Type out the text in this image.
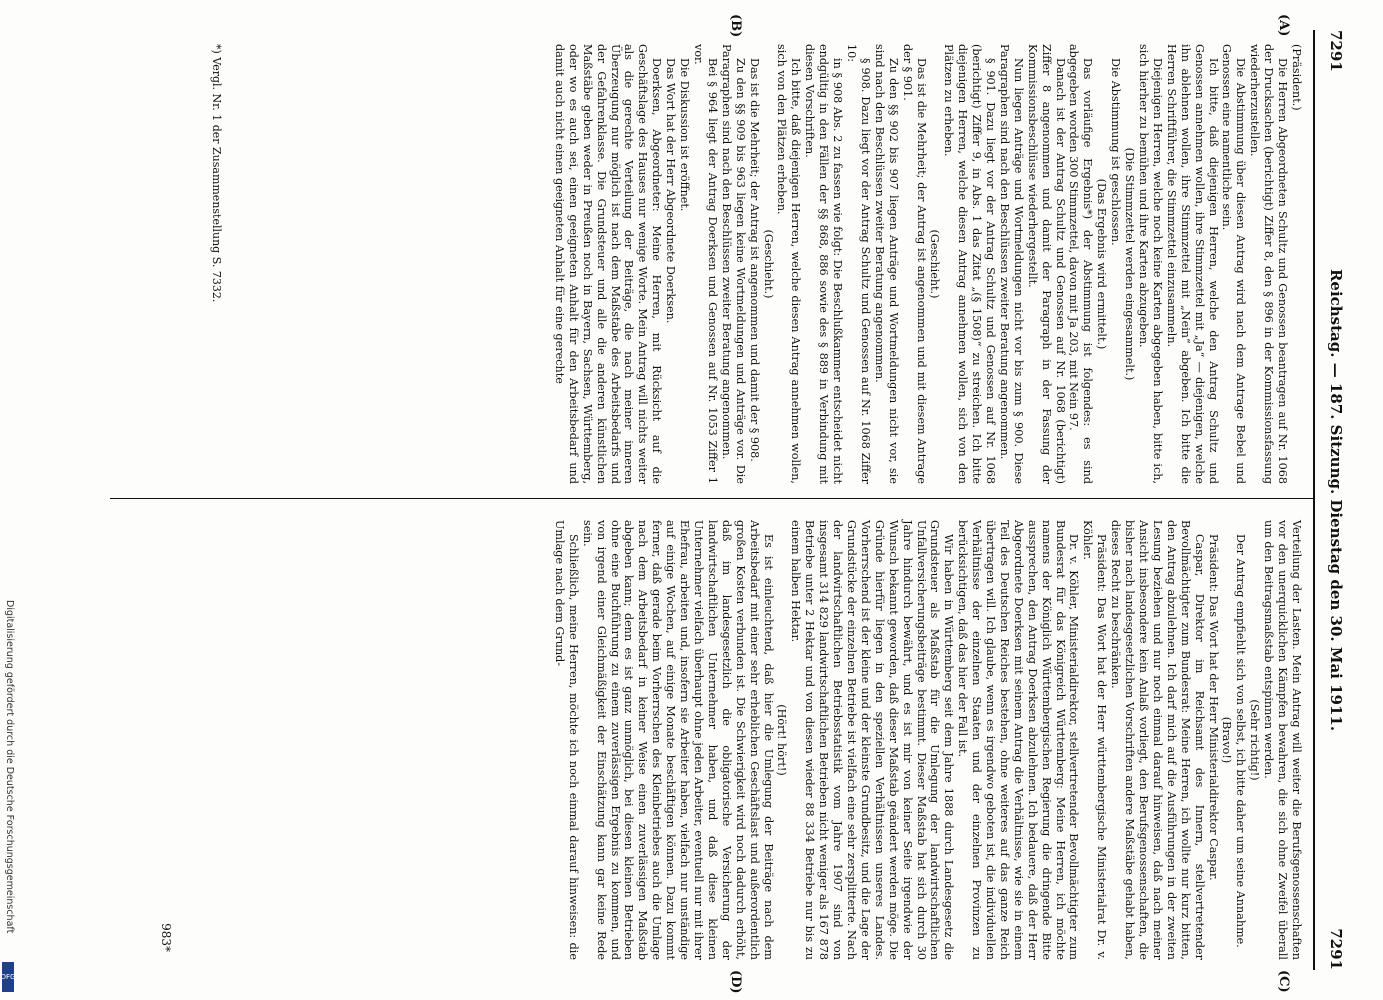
7291
Reichstag. — 187. Sitzung. Dienstag den 30. Mai 1911.
7291
(A)
(B)
(C)
(D)

(Präsident.)

Die Herren Abgeordneten Schultz und Genossen beantragen auf Nr. 1068 der Drucksachen (berichtigt) Ziffer 8, den § 896 in der Kommissionsfassung wiederherzustellen.

Die Abstimmung über diesen Antrag wird nach dem Antrage Bebel und Genossen eine namentliche sein.

Ich bitte, daß diejenigen Herren, welche den Antrag Schultz und Genossen annehmen wollen, ihre Stimmzettel mit „Ja“ — diejenigen, welche ihn ablehnen wollen, ihre Stimmzettel mit „Nein“ abgeben. Ich bitte die Herren Schriftführer, die Stimmzettel einzusammeln.

Diejenigen Herren, welche noch keine Karten abgegeben haben, bitte ich, sich hierher zu bemühen und ihre Karten abzugeben.

(Die Stimmzettel werden eingesammelt.)

Die Abstimmung ist geschlossen.

(Das Ergebnis wird ermittelt.)

Das vorläufige Ergebnis*) der Abstimmung ist folgendes: es sind abgegeben worden 300 Stimmzettel, davon mit Ja 203, mit Nein 97.

Danach ist der Antrag Schultz und Genossen auf Nr. 1068 (berichtigt) Ziffer 8 angenommen und damit der Paragraph in der Fassung der Kommissionsbeschlüsse wiederhergestellt.

Nun liegen Anträge und Wortmeldungen nicht vor bis zum § 900. Diese Paragraphen sind nach den Beschlüssen zweiter Beratung angenommen.

§ 901. Dazu liegt vor der Antrag Schultz und Genossen auf Nr. 1068 (berichtigt) Ziffer 9, in Abs. 1 das Zitat „(§ 1508)“ zu streichen. Ich bitte diejenigen Herren, welche diesen Antrag annehmen wollen, sich von den Plätzen zu erheben.

(Geschieht.)

Das ist die Mehrheit; der Antrag ist angenommen und mit diesem Antrage der § 901.

Zu den §§ 902 bis 907 liegen Anträge und Wortmeldungen nicht vor, sie sind nach den Beschlüssen zweiter Beratung angenommen.

§ 908. Dazu liegt vor der Antrag Schultz und Genossen auf Nr. 1068 Ziffer 10:

in § 908 Abs. 2 zu fassen wie folgt: Die Beschlußkammer entscheidet nicht endgültig in den Fällen der §§ 868, 886 sowie des § 889 in Verbindung mit diesen Vorschriften.

Ich bitte, daß diejenigen Herren, welche diesen Antrag annehmen wollen, sich von den Plätzen erheben.

(Geschieht.)

Das ist die Mehrheit; der Antrag ist angenommen und damit der § 908.

Zu den §§ 909 bis 963 liegen keine Wortmeldungen und Anträge vor. Die Paragraphen sind nach den Beschlüssen zweiter Beratung angenommen.

Bei § 964 liegt der Antrag Doerksen und Genossen auf Nr. 1053 Ziffer 1 vor.

Die Diskussion ist eröffnet.

Das Wort hat der Herr Abgeordnete Doerksen.

Doerksen, Abgeordneter: Meine Herren, mit Rücksicht auf die Geschäftslage des Hauses nur wenige Worte. Mein Antrag will nichts weiter als die gerechte Verteilung der Beiträge, die nach meiner inneren Überzeugung nur möglich ist nach dem Maßstabe des Arbeitsbedarfs und der Gefahrenklasse. Die Grundsteuer und alle die anderen künstlichen Maßstäbe geben weder in Preußen noch in Bayern, Sachsen, Württemberg, oder wo es auch sei, einen geeigneten Anhalt für den Arbeitsbedarf und damit auch nicht einen geeigneten Anhalt für eine gerechte

Verteilung der Lasten. Mein Antrag will weiter die Berufsgenossenschaften vor den unerquicklichen Kämpfen bewahren, die sich ohne Zweifel überall um den Beitragsmaßstab entspinnen werden.

(Sehr richtig!)

Der Antrag empfiehlt sich von selbst, ich bitte daher um seine Annahme.

(Bravo!)

Präsident: Das Wort hat der Herr Ministerialdirektor Caspar.

Caspar, Direktor im Reichsamt des Innern, stellvertretender Bevollmächtigter zum Bundesrat: Meine Herren, ich wollte nur kurz bitten, den Antrag abzulehnen. Ich darf mich auf die Ausführungen in der zweiten Lesung beziehen und nur noch einmal darauf hinweisen, daß nach meiner Ansicht insbesondere kein Anlaß vorliegt, den Berufsgenossenschaften, die bisher nach landesgesetzlichen Vorschriften andere Maßstäbe gehabt haben, dieses Recht zu beschränken.

Präsident: Das Wort hat der Herr württembergische Ministerialrat Dr. v. Köhler.

Dr. v. Köhler, Ministerialdirektor, stellvertretender Bevollmächtigter zum Bundesrat für das Königreich Württemberg: Meine Herren, ich möchte namens der Königlich Württembergischen Regierung die dringende Bitte aussprechen, den Antrag Doerksen abzulehnen. Ich bedauere, daß der Herr Abgeordnete Doerksen mit seinem Antrag die Verhältnisse, wie sie in einem Teil des Deutschen Reiches bestehen, ohne weiteres auf das ganze Reich übertragen will. Ich glaube, wenn es irgendwo geboten ist, die individuellen Verhältnisse der einzelnen Staaten und der einzelnen Provinzen zu berücksichtigen, daß das hier der Fall ist.

Wir haben in Württemberg seit dem Jahre 1888 durch Landesgesetz die Grundsteuer als Maßstab für die Umlegung der landwirtschaftlichen Unfallversicherungsbeiträge bestimmt. Dieser Maßstab hat sich durch 30 Jahre hindurch bewährt, und es ist mir von keiner Seite irgendwie der Wunsch bekannt geworden, daß dieser Maßstab geändert werden möge. Die Gründe hierfür liegen in den speziellen Verhältnissen unseres Landes. Vorherrschend ist der kleine und der kleinste Grundbesitz, und die Lage der Grundstücke der einzelnen Betriebe ist vielfach eine sehr zersplitterte. Nach der landwirtschaftlichen Betriebsstatistik vom Jahre 1907 sind von insgesamt 314 829 landwirtschaftlichen Betrieben nicht weniger als 167 878 Betriebe unter 2 Hektar und von diesen wieder 88 334 Betriebe nur bis zu einem halben Hektar.

(Hört! hört!)

Es ist einleuchtend, daß hier die Umlegung der Beiträge nach dem Arbeitsbedarf mit einer sehr erheblichen Geschäftslast und außerordentlich großen Kosten verbunden ist. Die Schwierigkeit wird noch dadurch erhöht, daß im landesgesetzlich die obligatorische Versicherung der landwirtschaftlichen Unternehmer haben, und daß diese kleinen Unternehmer vielfach überhaupt ohne jeden Arbeiter, eventuell nur mit ihrer Ehefrau, arbeiten und, insofern sie Arbeiter haben, vielfach nur unständige auf einige Wochen, auf einige Monate beschäftigen können. Dazu kommt ferner, daß gerade beim Vorherrschen des Kleinbetriebes auch die Umlage nach dem Arbeitsbedarf in keiner Weise einen zuverlässigen Maßstab abgeben kann; denn es ist ganz unmöglich, bei diesen kleinen Betrieben ohne eine Buchführung zu einem zuverlässigen Ergebnis zu kommen, und von irgend einer Gleichmäßigkeit der Einschätzung kann gar keine Rede sein.

Schließlich, meine Herren, möchte ich noch einmal darauf hinweisen: die Umlage nach dem Grund-

*) Vergl. Nr. 1 der Zusammenstellung S. 7332.
983*
Digitalisierung gefördert durch die Deutsche Forschungsgemeinschaft
DFG
